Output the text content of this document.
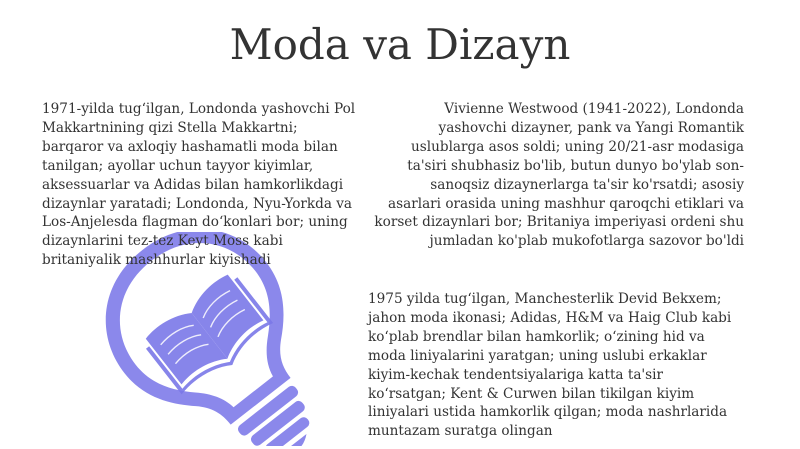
Moda va Dizayn

1971-yilda tug‘ilgan, Londonda yashovchi Pol Makkartnining qizi Stella Makkartni; barqaror va axloqiy hashamatli moda bilan tanilgan; ayollar uchun tayyor kiyimlar, aksessuarlar va Adidas bilan hamkorlikdagi dizaynlar yaratadi; Londonda, Nyu-Yorkda va Los-Anjelesda flagman do‘konlari bor; uning dizaynlarini tez-tez Keyt Moss kabi britaniyalik mashhurlar kiyishadi

Vivienne Westwood (1941-2022), Londonda yashovchi dizayner, pank va Yangi Romantik uslublarga asos soldi; uning 20/21-asr modasiga ta'siri shubhasiz bo'lib, butun dunyo bo'ylab son-sanoqsiz dizaynerlarga ta'sir ko'rsatdi; asosiy asarlari orasida uning mashhur qaroqchi etiklari va korset dizaynlari bor; Britaniya imperiyasi ordeni shu jumladan ko'plab mukofotlarga sazovor bo'ldi

1975 yilda tug‘ilgan, Manchesterlik Devid Bekxem; jahon moda ikonasi; Adidas, H&M va Haig Club kabi ko‘plab brendlar bilan hamkorlik; o‘zining hid va moda liniyalarini yaratgan; uning uslubi erkaklar kiyim-kechak tendentsiyalariga katta ta'sir ko‘rsatgan; Kent & Curwen bilan tikilgan kiyim liniyalari ustida hamkorlik qilgan; moda nashrlarida muntazam suratga olingan
